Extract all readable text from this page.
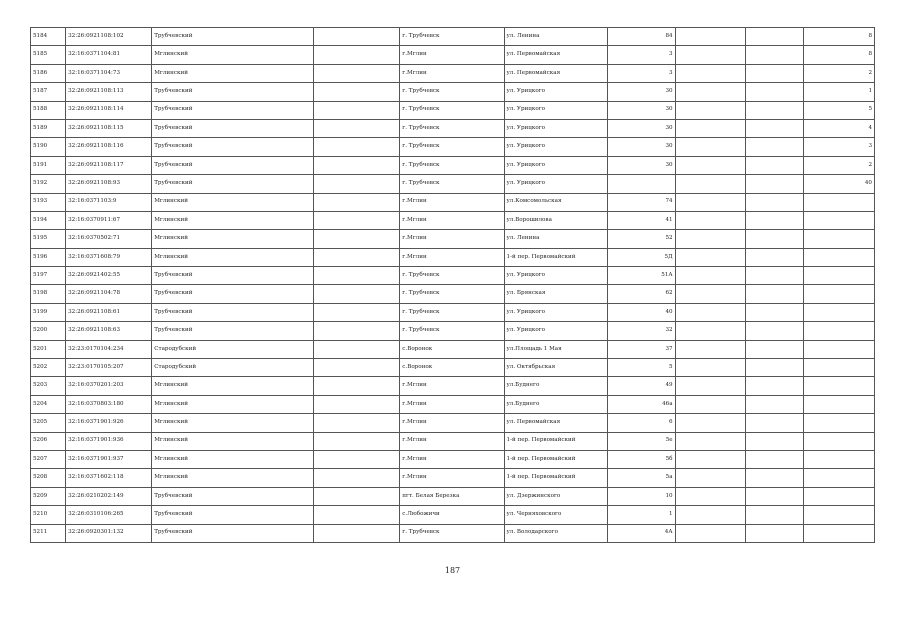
5184	32:26:0921108:102	Трубчевский		г. Трубчевск	ул. Ленина	84			8
5185	32:16:0371104:81	Мглинский		г.Мглин	ул. Первомайская	3			8
5186	32:16:0371104:73	Мглинский		г.Мглин	ул. Первомайская	3			2
5187	32:26:0921108:113	Трубчевский		г. Трубчевск	ул. Урицкого	30			1
5188	32:26:0921108:114	Трубчевский		г. Трубчевск	ул. Урицкого	30			5
5189	32:26:0921108:115	Трубчевский		г. Трубчевск	ул. Урицкого	30			4
5190	32:26:0921108:116	Трубчевский		г. Трубчевск	ул. Урицкого	30			3
5191	32:26:0921108:117	Трубчевский		г. Трубчевск	ул. Урицкого	30			2
5192	32:26:0921108:93	Трубчевский		г. Трубчевск	ул. Урицкого				40
5193	32:16:0371103:9	Мглинский		г.Мглин	ул.Комсомольская	74			
5194	32:16:0370911:67	Мглинский		г.Мглин	ул.Ворошилова	41			
5195	32:16:0370502:71	Мглинский		г.Мглин	ул. Ленина	52			
5196	32:16:0371608:79	Мглинский		г.Мглин	1-й пер. Первомайский	5Д			
5197	32:26:0921402:55	Трубчевский		г. Трубчевск	ул. Урицкого	51А			
5198	32:26:0921104:78	Трубчевский		г. Трубчевск	ул. Брянская	62			
5199	32:26:0921108:61	Трубчевский		г. Трубчевск	ул. Урицкого	40			
5200	32:26:0921108:63	Трубчевский		г. Трубчевск	ул. Урицкого	32			
5201	32:23:0170104:234	Стародубский		с.Воронок	ул.Площадь 1 Мая	37			
5202	32:23:0170105:207	Стародубский		с.Воронок	ул. Октябрьская	5			
5203	32:16:0370201:203	Мглинский		г.Мглин	ул.Буднего	49			
5204	32:16:0370803:180	Мглинский		г.Мглин	ул.Буднего	46а			
5205	32:16:0371901:926	Мглинский		г.Мглин	ул. Первомайская	6			
5206	32:16:0371901:936	Мглинский		г.Мглин	1-й пер. Первомайский	5е			
5207	32:16:0371901:937	Мглинский		г.Мглин	1-й пер. Первомайский	5б			
5208	32:16:0371602:118	Мглинский		г.Мглин	1-й пер. Первомайский	5а			
5209	32:26:0210202:149	Трубчевский		пгт. Белая Березка	ул. Дзержинского	10			
5210	32:26:0310106:265	Трубчевский		с.Любожичи	ул. Черняховского	1			
5211	32:26:0920301:132	Трубчевский		г. Трубчевск	ул. Володарского	4А			
187
